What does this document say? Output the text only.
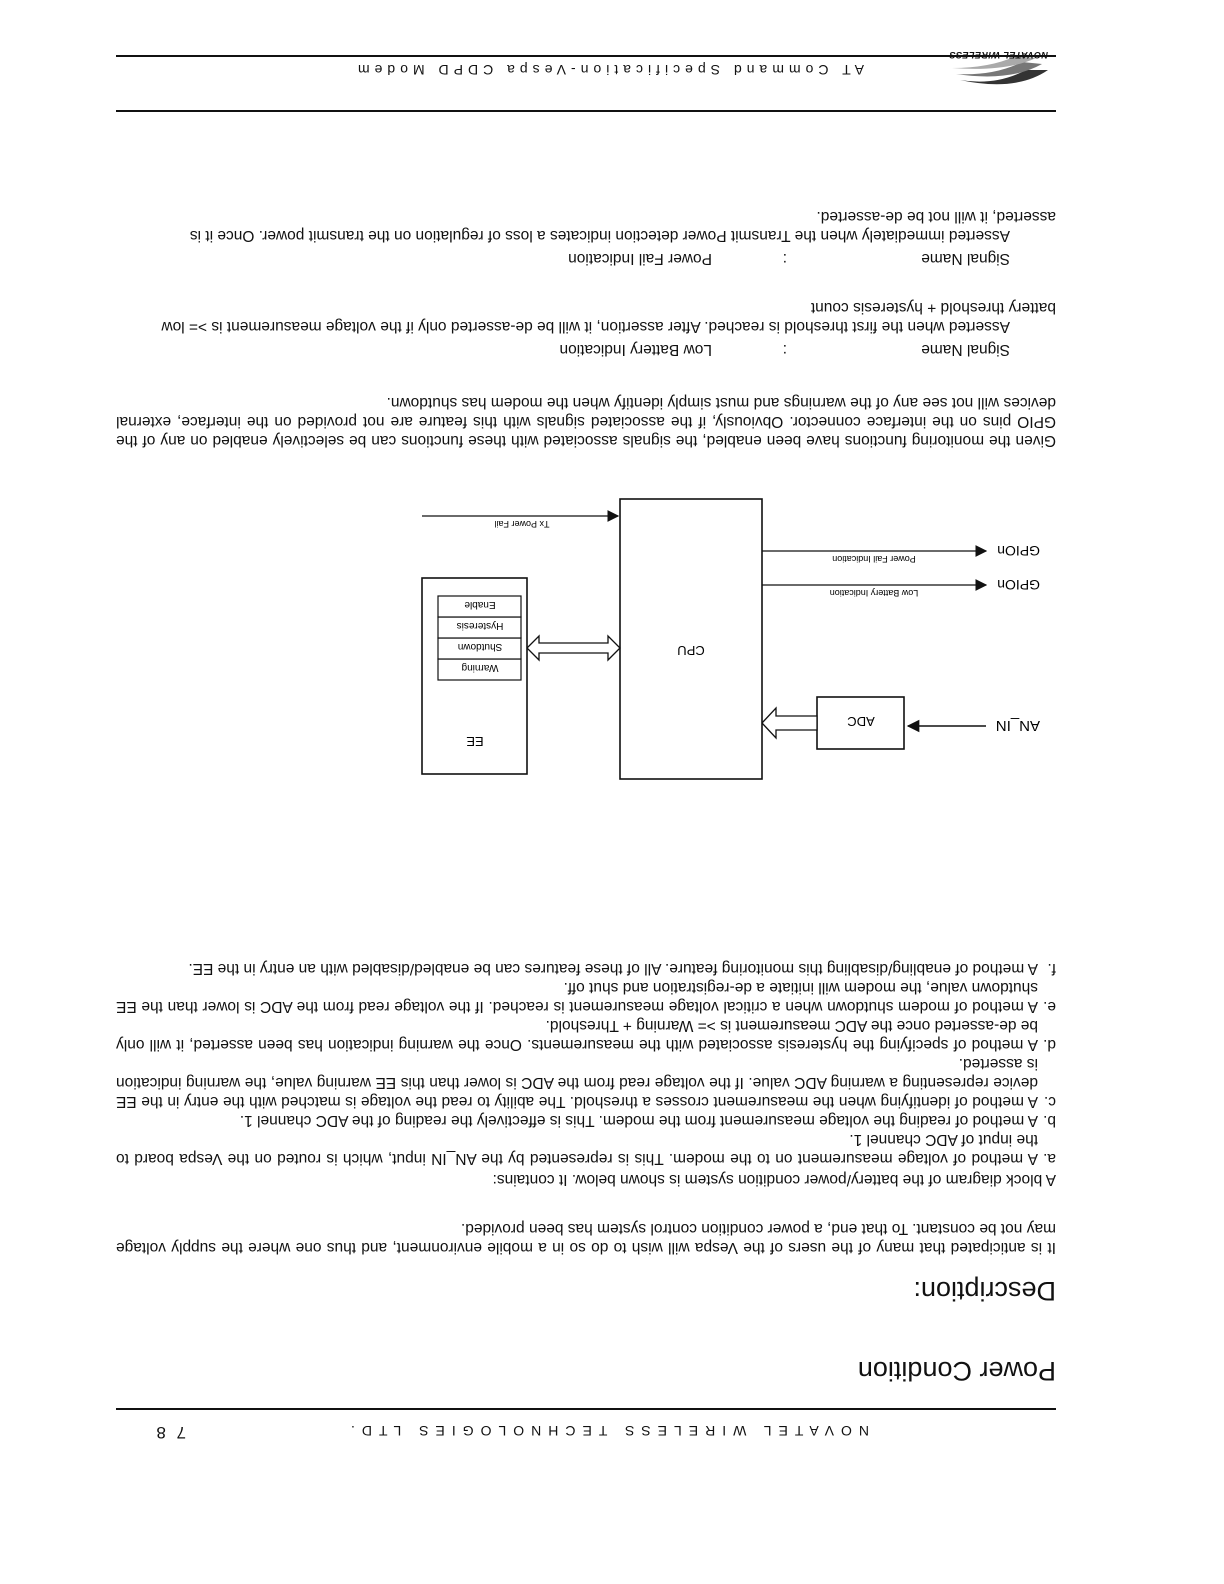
NOVATEL WIRELESS TECHNOLOGIES LTD.
7 8
Power Condition
Description:
It is anticipated that many of the users of the Vespa will wish to do so in a mobile environment, and thus one where the supply voltage may not be constant. To that end, a power condition control system has been provided.
A block diagram of the battery/power condition system is shown below. It contains:
a.
A method of voltage measurement on to the modem. This is represented by the AN_IN input, which is routed on the Vespa board to the input of ADC channel 1.
b.
A method of reading the voltage measurement from the modem. This is effectively the reading of the ADC channel 1.
c.
A method of identifying when the measurement crosses a threshold. The ability to read the voltage is matched with the entry in the EE device representing a warning ADC value. If the voltage read from the ADC is lower than this EE warning value, the warning indication is asserted.
d.
A method of specifying the hysteresis associated with the measurements. Once the warning indication has been asserted, it will only be de-asserted once the ADC measurement is >= Warning + Threshold.
e.
A method of modem shutdown when a critical voltage measurement is reached. If the voltage read from the ADC is lower than the EE shutdown value, the modem will initiate a de-registration and shut off.
f.
A method of enabling/disabling this monitoring feature. All of these features can be enabled/disabled with an entry in the EE.
AN_IN
ADC
CPU
EE
Warning
Shutdown
Hysteresis
Enable
GPIOn
Low Battery Indication
GPIOn
Power Fail Indication
Tx Power Fail
Given the monitoring functions have been enabled, the signals associated with these functions can be selectively enabled on any of the GPIO pins on the interface connector. Obviously, if the associated signals with this feature are not provided on the interface, external devices will not see any of the warnings and must simply identify when the modem has shutdown.
Signal Name
:
Low Battery Indication
Asserted when the first threshold is reached. After assertion, it will be de-asserted only if the voltage measurement is >= low battery threshold + hysteresis count
Signal Name
:
Power Fail Indication
Asserted immediately when the Transmit Power detection indicates a loss of regulation on the transmit power. Once it is asserted, it will not be de-asserted.
AT Command Specification-Vespa CDPD Modem
